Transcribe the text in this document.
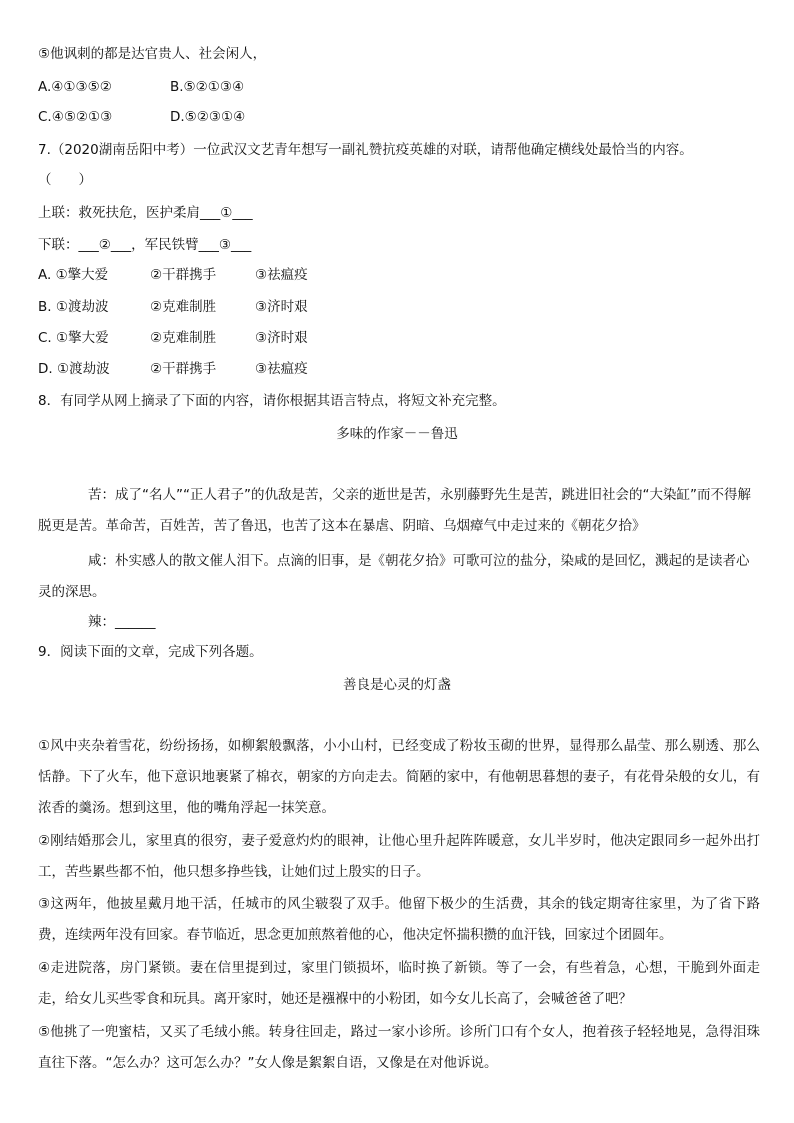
⑤他讽刺的都是达官贵人、社会闲人，
A.④①③⑤②	B.⑤②①③④
C.④⑤②①③	D.⑤②③①④
7.（2020湖南岳阳中考）一位武汉文艺青年想写一副礼赞抗疫英雄的对联，请帮他确定横线处最恰当的内容。
（　　）
上联：救死扶危，医护柔肩___①___
下联：___②___，军民铁臂___③___
A. ①擎大爱	②干群携手	③祛瘟疫
B. ①渡劫波	②克难制胜	③济时艰
C. ①擎大爱	②克难制胜	③济时艰
D. ①渡劫波	②干群携手	③祛瘟疫
8．有同学从网上摘录了下面的内容，请你根据其语言特点，将短文补充完整。
多味的作家－－鲁迅
苦：成了“名人”“正人君子”的仇敌是苦，父亲的逝世是苦，永别藤野先生是苦，跳进旧社会的“大染缸”而不得解脱更是苦。革命苦，百姓苦，苦了鲁迅，也苦了这本在暴虐、阴暗、乌烟瘴气中走过来的《朝花夕拾》
咸：朴实感人的散文催人泪下。点滴的旧事，是《朝花夕拾》可歌可泣的盐分，染咸的是回忆，溅起的是读者心灵的深思。
辣：______
9．阅读下面的文章，完成下列各题。
善良是心灵的灯盏
①风中夹杂着雪花，纷纷扬扬，如柳絮般飘落，小小山村，已经变成了粉妆玉砌的世界，显得那么晶莹、那么剔透、那么恬静。下了火车，他下意识地裹紧了棉衣，朝家的方向走去。简陋的家中，有他朝思暮想的妻子，有花骨朵般的女儿，有浓香的羹汤。想到这里，他的嘴角浮起一抹笑意。
②刚结婚那会儿，家里真的很穷，妻子爱意灼灼的眼神，让他心里升起阵阵暖意，女儿半岁时，他决定跟同乡一起外出打工，苦些累些都不怕，他只想多挣些钱，让她们过上殷实的日子。
③这两年，他披星戴月地干活，任城市的风尘皲裂了双手。他留下极少的生活费，其余的钱定期寄往家里，为了省下路费，连续两年没有回家。春节临近，思念更加煎熬着他的心，他决定怀揣积攒的血汗钱，回家过个团圆年。
④走进院落，房门紧锁。妻在信里提到过，家里门锁损坏，临时换了新锁。等了一会，有些着急，心想，干脆到外面走走，给女儿买些零食和玩具。离开家时，她还是襁褓中的小粉团，如今女儿长高了，会喊爸爸了吧？
⑤他挑了一兜蜜桔，又买了毛绒小熊。转身往回走，路过一家小诊所。诊所门口有个女人，抱着孩子轻轻地晃，急得泪珠直往下落。“怎么办？这可怎么办？”女人像是絮絮自语，又像是在对他诉说。
